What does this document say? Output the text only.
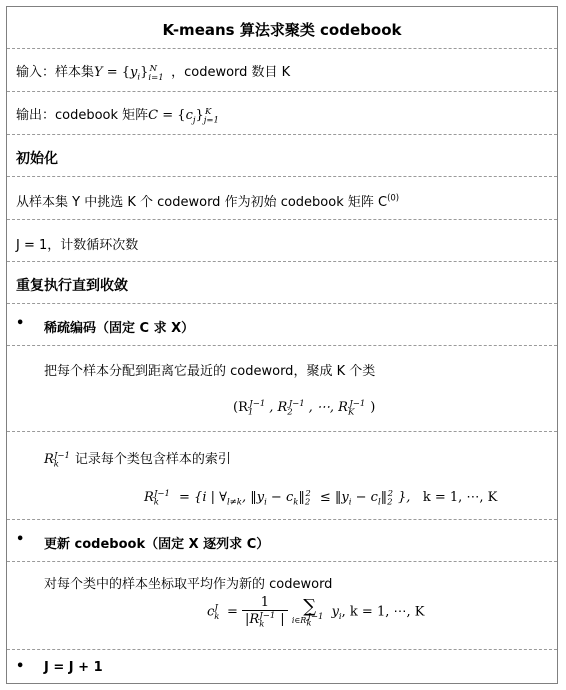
K-means 算法求聚类 codebook
输入：样本集$Y = \{y_i\}_{i=1}^N$ ，codeword 数目 K
输出：codebook 矩阵$C = \{c_j\}_{j=1}^K$
初始化
从样本集 Y 中挑选 K 个 codeword 作为初始 codebook 矩阵 $C^{(0)}$
J = 1，计数循环次数
重复执行直到收敛
• 稀疏编码（固定 C 求 X）
把每个样本分配到距离它最近的 codeword，聚成 K 个类
($R_1^{J-1}$ , $R_2^{J-1}$ , ⋯, $R_K^{J-1}$ )
$R_k^{J-1}$ 记录每个类包含样本的索引
$R_k^{J-1} = \{i$ | $\forall_{l\ne k}$, $‖y_i$ − $c_k‖_2^2$ ≤ $‖y_i$ − $c_l‖_2^2$ }, k = 1, ⋯, K
• 更新 codebook（固定 X 逐列求 C）
对每个类中的样本坐标取平均作为新的 codeword
$c_k^J = \frac{1}{|R_k^{J-1} |}$
∑
$i\in R_k^{J-1}$ $y_i$, k = 1, ⋯, K
• J = J + 1
